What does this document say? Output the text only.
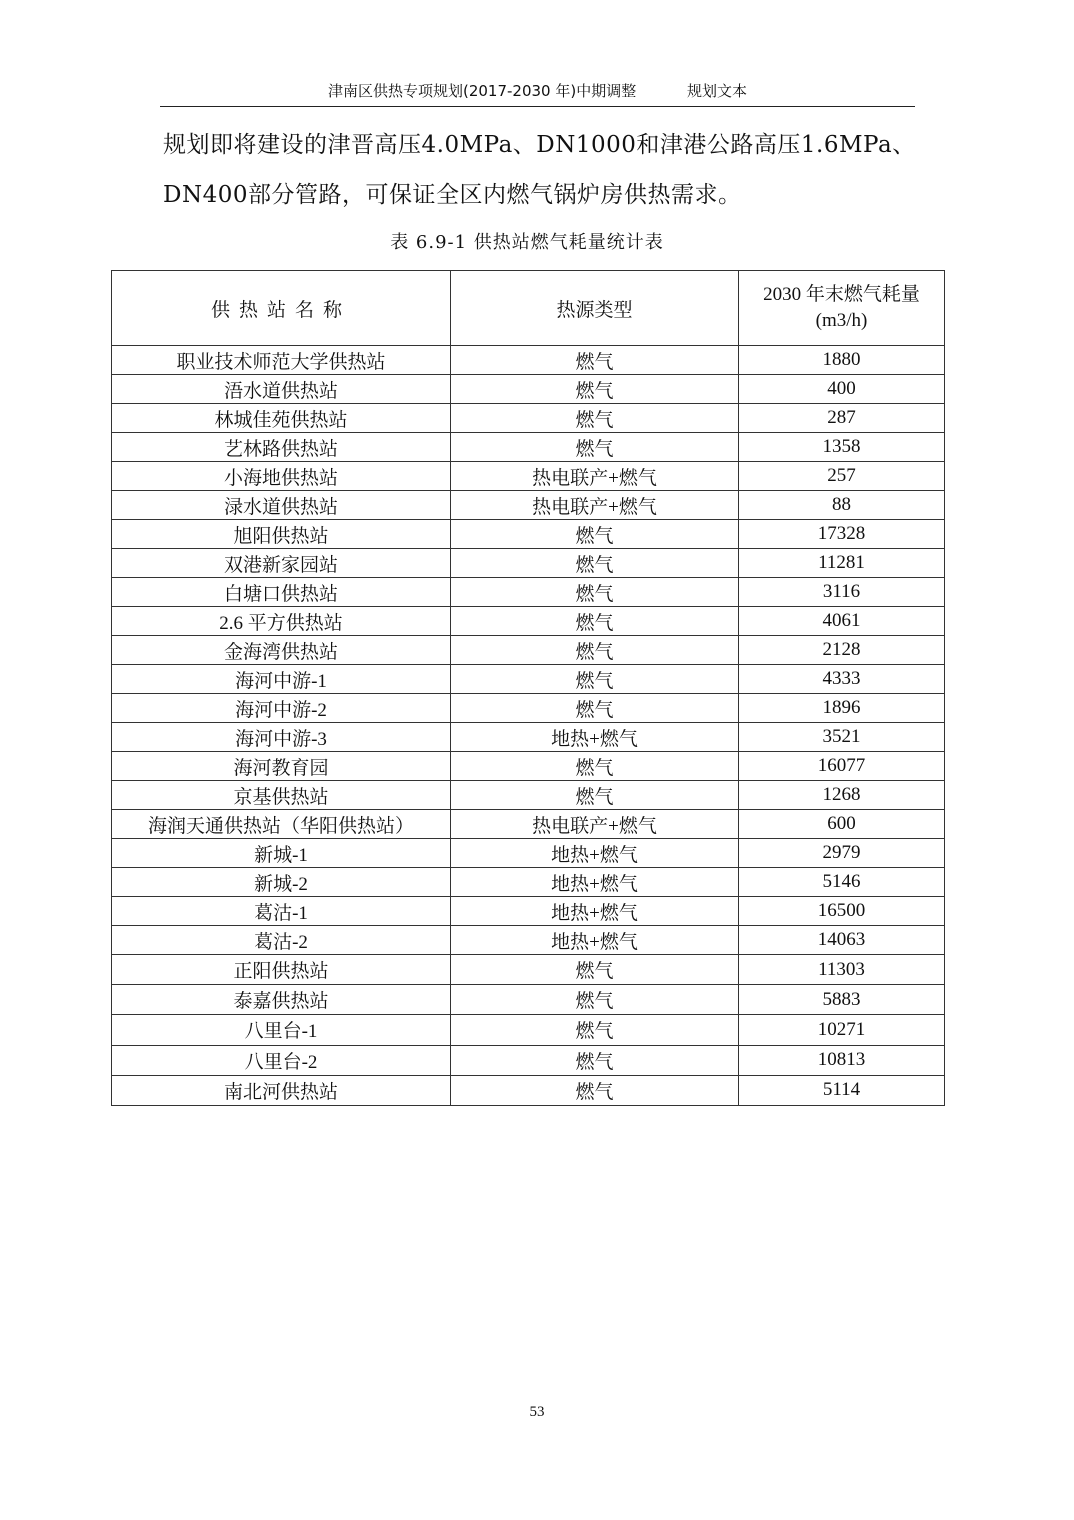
津南区供热专项规划(2017-2030 年)中期调整	规划文本

规划即将建设的津晋高压4.0MPa、DN1000和津港公路高压1.6MPa、

DN400部分管路，可保证全区内燃气锅炉房供热需求。

表 6.9-1 供热站燃气耗量统计表
供热站名称	热源类型	2030 年末燃气耗量
(m3/h)
职业技术师范大学供热站	燃气	1880
浯水道供热站	燃气	400
林城佳苑供热站	燃气	287
艺林路供热站	燃气	1358
小海地供热站	热电联产+燃气	257
渌水道供热站	热电联产+燃气	88
旭阳供热站	燃气	17328
双港新家园站	燃气	11281
白塘口供热站	燃气	3116
2.6 平方供热站	燃气	4061
金海湾供热站	燃气	2128
海河中游-1	燃气	4333
海河中游-2	燃气	1896
海河中游-3	地热+燃气	3521
海河教育园	燃气	16077
京基供热站	燃气	1268
海润天通供热站（华阳供热站）	热电联产+燃气	600
新城-1	地热+燃气	2979
新城-2	地热+燃气	5146
葛沽-1	地热+燃气	16500
葛沽-2	地热+燃气	14063
正阳供热站	燃气	11303
泰嘉供热站	燃气	5883
八里台-1	燃气	10271
八里台-2	燃气	10813
南北河供热站	燃气	5114
53
